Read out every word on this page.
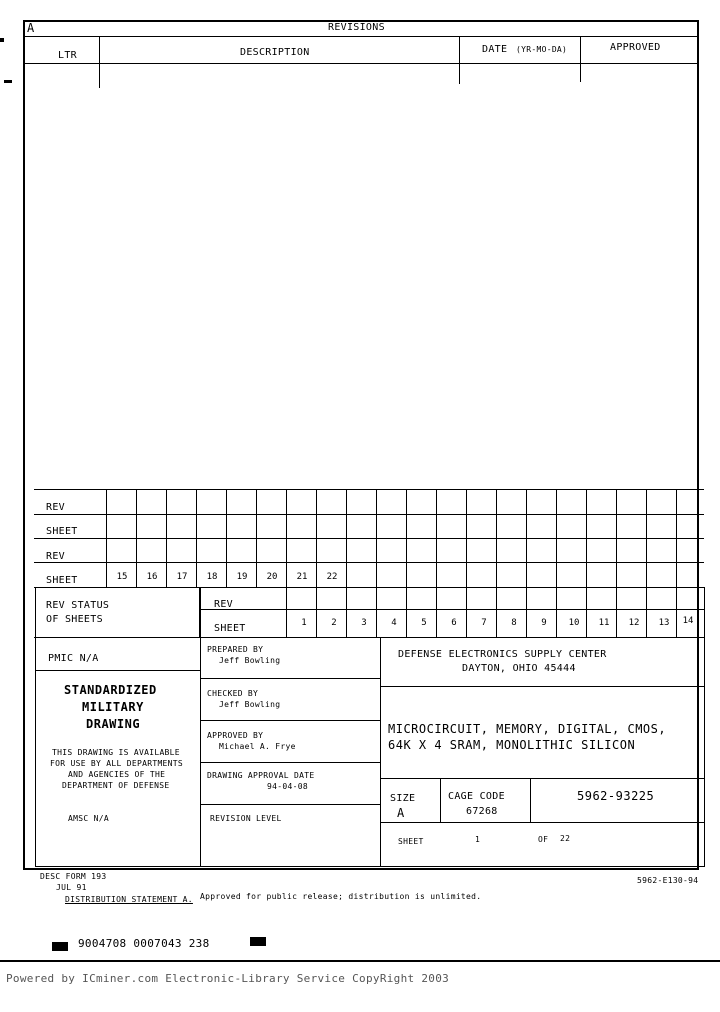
A	REVISIONS
LTR	DESCRIPTION	DATE (YR-MO-DA)	APPROVED
REV
SHEET
REV
SHEET	15	16	17	18	19	20	21	22
REV STATUS
OF SHEETS
REV
SHEET	1	2	3	4	5	6	7	8	9	10	11	12	13	14
PMIC N/A
STANDARDIZED
MILITARY
DRAWING
THIS DRAWING IS AVAILABLE
FOR USE BY ALL DEPARTMENTS
AND AGENCIES OF THE
DEPARTMENT OF DEFENSE
AMSC N/A
PREPARED BY
Jeff Bowling
CHECKED BY
Jeff Bowling
APPROVED BY
Michael A. Frye
DRAWING APPROVAL DATE
94-04-08
REVISION LEVEL
DEFENSE ELECTRONICS SUPPLY CENTER
DAYTON, OHIO 45444
MICROCIRCUIT, MEMORY, DIGITAL, CMOS,
64K X 4 SRAM, MONOLITHIC SILICON
SIZE
A
CAGE CODE
67268
5962-93225
SHEET	1	OF 22
DESC FORM 193
JUL 91
5962-E130-94
DISTRIBUTION STATEMENT A. Approved for public release; distribution is unlimited.
9004708 0007043 238
Powered by ICminer.com Electronic-Library Service CopyRight 2003
